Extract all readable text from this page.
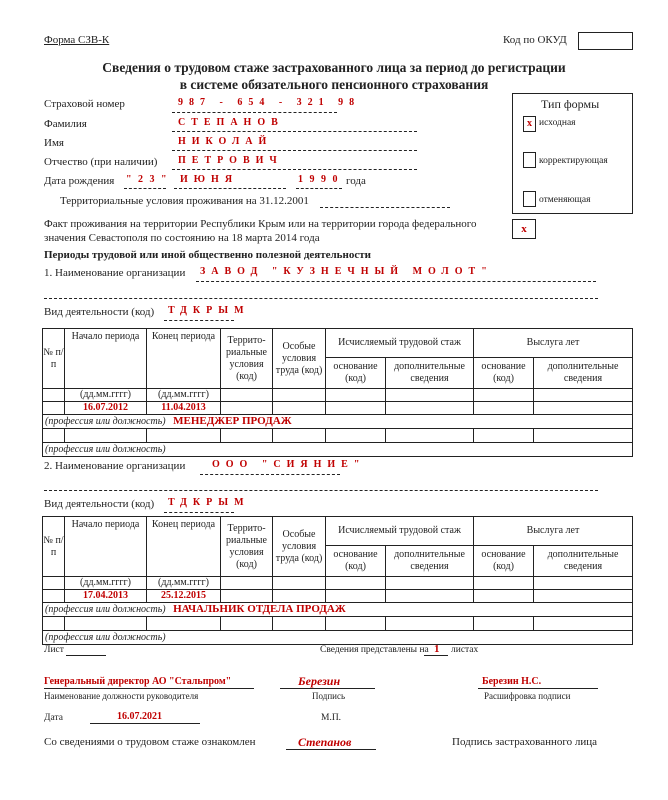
Форма СЗВ-К	Код по ОКУД
Сведения о трудовом стаже застрахованного лица за период до регистрации
в системе обязательного пенсионного страхования
Страховой номер	987 - 654 - 321 98
Фамилия	СТЕПАНОВ
Имя	НИКОЛАЙ
Отчество (при наличии) ПЕТРОВИЧ
Дата рождения " 2 3 " ИЮНЯ	1 9 9 0 года
Территориальные условия проживания на 31.12.2001
Факт проживания на территории Республики Крым или на территории города федерального
значения Севастополя по состоянию на 18 марта 2014 года
х
Тип формы
х исходная
корректирующая
отменяющая
Периоды трудовой или иной общественно полезной деятельности
1. Наименование организации ЗАВОД "КУЗНЕЧНЫЙ МОЛОТ"
Вид деятельности (код) ТДКРЫМ
№ п/п	Начало периода	Конец периода	Террито-риальные условия (код)	Особые условия труда (код)	Исчисляемый трудовой стаж		Выслуга лет	
					основание (код)	дополнительные сведения	основание (код)	дополнительные сведения
	(дд.мм.гггг)	(дд.мм.гггг)						
	16.07.2012	11.04.2013						
(профессия или должность) МЕНЕДЖЕР ПРОДАЖ								

(профессия или должность)								
2. Наименование организации	ООО "СИЯНИЕ"
Вид деятельности (код) ТДКРЫМ
№ п/п	Начало периода	Конец периода	Террито-риальные условия (код)	Особые условия труда (код)	Исчисляемый трудовой стаж		Выслуга лет	
					основание (код)	дополнительные сведения	основание (код)	дополнительные сведения
	(дд.мм.гггг)	(дд.мм.гггг)						
	17.04.2013	25.12.2015						
(профессия или должность) НАЧАЛЬНИК ОТДЕЛА ПРОДАЖ								

(профессия или должность)								
Лист	Сведения представлены на 1 листах
Генеральный директор АО "Стальпром"
Наименование должности руководителя
Березин
Подпись
Березин Н.С.
Расшифровка подписи
Дата	16.07.2021	М.П.
Со сведениями о трудовом стаже ознакомлен	Степанов	Подпись застрахованного лица
